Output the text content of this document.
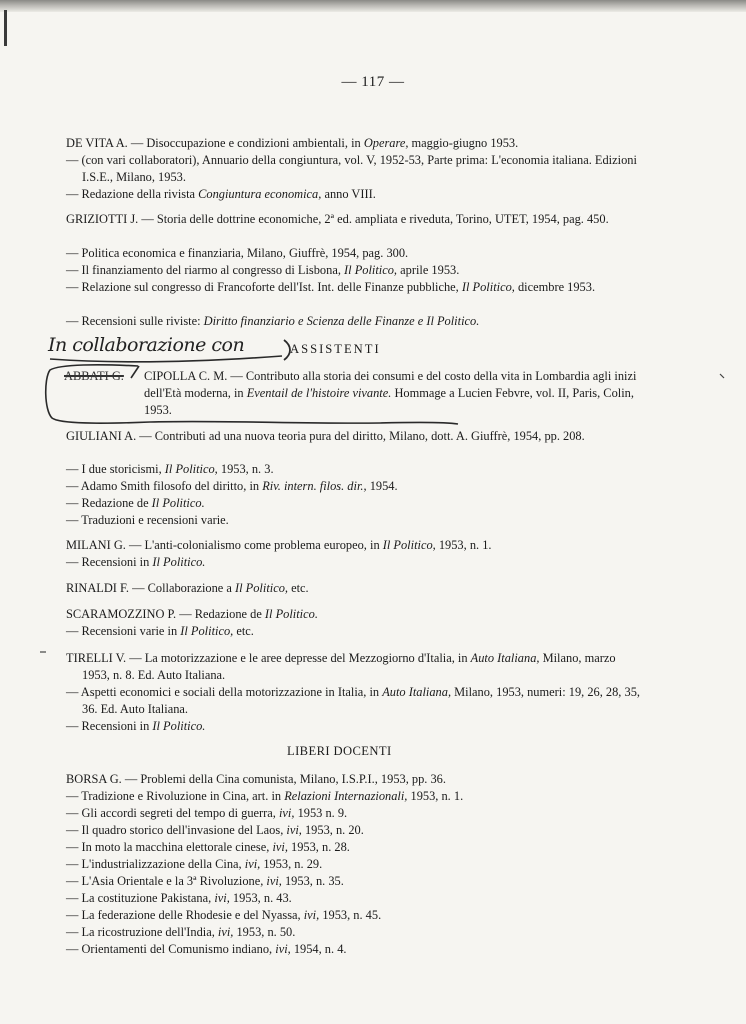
— 117 —
In collaborazione con	ASSISTENTI
LIBERI DOCENTI
DE VITA A. — Disoccupazione e condizioni ambientali, in Operare, maggio-giugno 1953.
— (con vari collaboratori), Annuario della congiuntura, vol. V, 1952-53, Parte prima: L'economia italiana. Edizioni I.S.E., Milano, 1953.
— Redazione della rivista Congiuntura economica, anno VIII.
GRIZIOTTI J. — Storia delle dottrine economiche, 2ª ed. ampliata e riveduta, Torino, UTET, 1954, pag. 450.
— Politica economica e finanziaria, Milano, Giuffrè, 1954, pag. 300.
— Il finanziamento del riarmo al congresso di Lisbona, Il Politico, aprile 1953.
— Relazione sul congresso di Francoforte dell'Ist. Int. delle Finanze pubbliche, Il Politico, dicembre 1953.
— Recensioni sulle riviste: Diritto finanziario e Scienza delle Finanze e Il Politico.
CIPOLLA C. M. — Contributo alla storia dei consumi e del costo della vita in Lombardia agli inizi dell'Età moderna, in Eventail de l'histoire vivante. Hommage a Lucien Febvre, vol. II, Paris, Colin, 1953.
GIULIANI A. — Contributi ad una nuova teoria pura del diritto, Milano, dott. A. Giuffrè, 1954, pp. 208.
— I due storicismi, Il Politico, 1953, n. 3.
— Adamo Smith filosofo del diritto, in Riv. intern. filos. dir., 1954.
— Redazione de Il Politico.
— Traduzioni e recensioni varie.
MILANI G. — L'anti-colonialismo come problema europeo, in Il Politico, 1953, n. 1.
— Recensioni in Il Politico.
RINALDI F. — Collaborazione a Il Politico, etc.
SCARAMOZZINO P. — Redazione de Il Politico.
— Recensioni varie in Il Politico, etc.
TIRELLI V. — La motorizzazione e le aree depresse del Mezzogiorno d'Italia, in Auto Italiana, Milano, marzo 1953, n. 8. Ed. Auto Italiana.
— Aspetti economici e sociali della motorizzazione in Italia, in Auto Italiana, Milano, 1953, numeri: 19, 26, 28, 35, 36. Ed. Auto Italiana.
— Recensioni in Il Politico.
BORSA G. — Problemi della Cina comunista, Milano, I.S.P.I., 1953, pp. 36.
— Tradizione e Rivoluzione in Cina, art. in Relazioni Internazionali, 1953, n. 1.
— Gli accordi segreti del tempo di guerra, ivi, 1953 n. 9.
— Il quadro storico dell'invasione del Laos, ivi, 1953, n. 20.
— In moto la macchina elettorale cinese, ivi, 1953, n. 28.
— L'industrializzazione della Cina, ivi, 1953, n. 29.
— L'Asia Orientale e la 3ª Rivoluzione, ivi, 1953, n. 35.
— La costituzione Pakistana, ivi, 1953, n. 43.
— La federazione delle Rhodesie e del Nyassa, ivi, 1953, n. 45.
— La ricostruzione dell'India, ivi, 1953, n. 50.
— Orientamenti del Comunismo indiano, ivi, 1954, n. 4.
ABBATI G.
